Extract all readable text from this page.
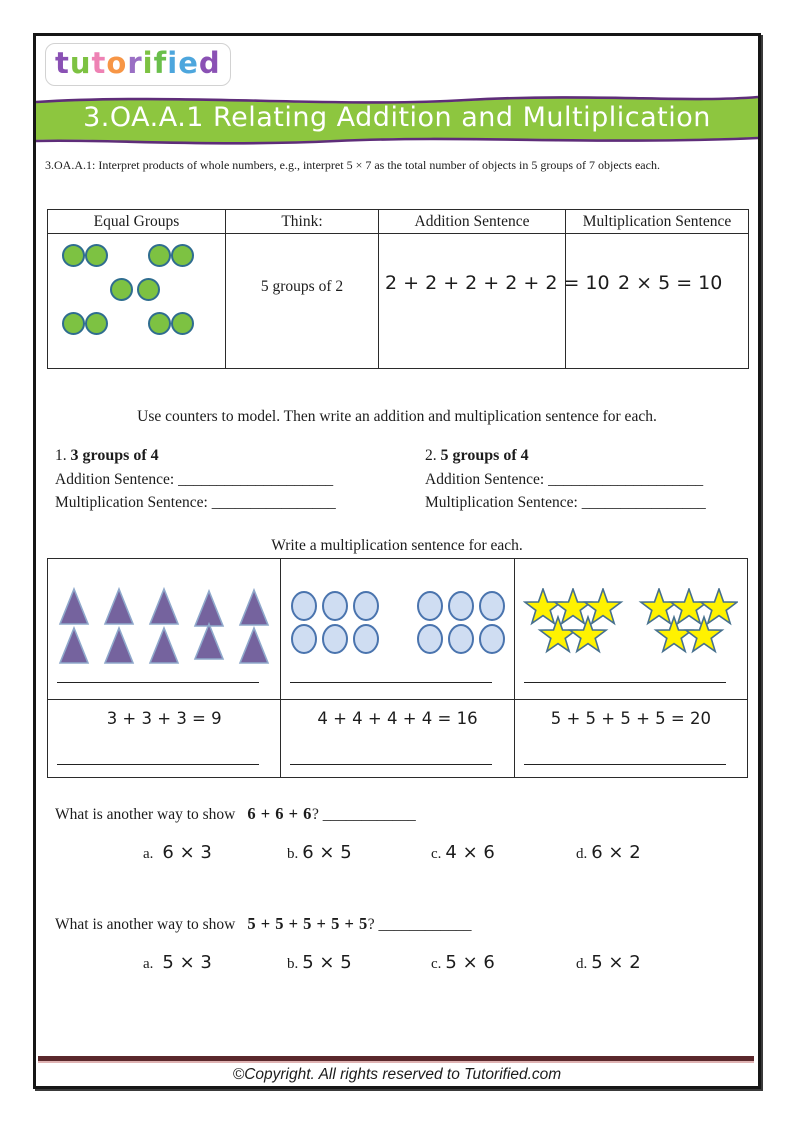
tutorified
3.OA.A.1 Relating Addition and Multiplication
3.OA.A.1: Interpret products of whole numbers, e.g., interpret 5 × 7 as the total number of objects in 5 groups of 7 objects each.
Equal Groups	Think:	Addition Sentence	Multiplication Sentence

	5 groups of 2	2 + 2 + 2 + 2 + 2 = 10	2 × 5 = 10
Use counters to model. Then write an addition and multiplication sentence for each.
1. 3 groups of 4
Addition Sentence: ____________________
Multiplication Sentence: ________________
2. 5 groups of 4
Addition Sentence: ____________________
Multiplication Sentence: ________________
Write a multiplication sentence for each.

3 + 3 + 3 = 9	4 + 4 + 4 + 4 = 16	5 + 5 + 5 + 5 = 20
What is another way to show 6 + 6 + 6? ____________
a. 6 × 3	b. 6 × 5	c. 4 × 6	d. 6 × 2
What is another way to show 5 + 5 + 5 + 5 + 5? ____________
a. 5 × 3	b. 5 × 5	c. 5 × 6	d. 5 × 2
©Copyright. All rights reserved to Tutorified.com
